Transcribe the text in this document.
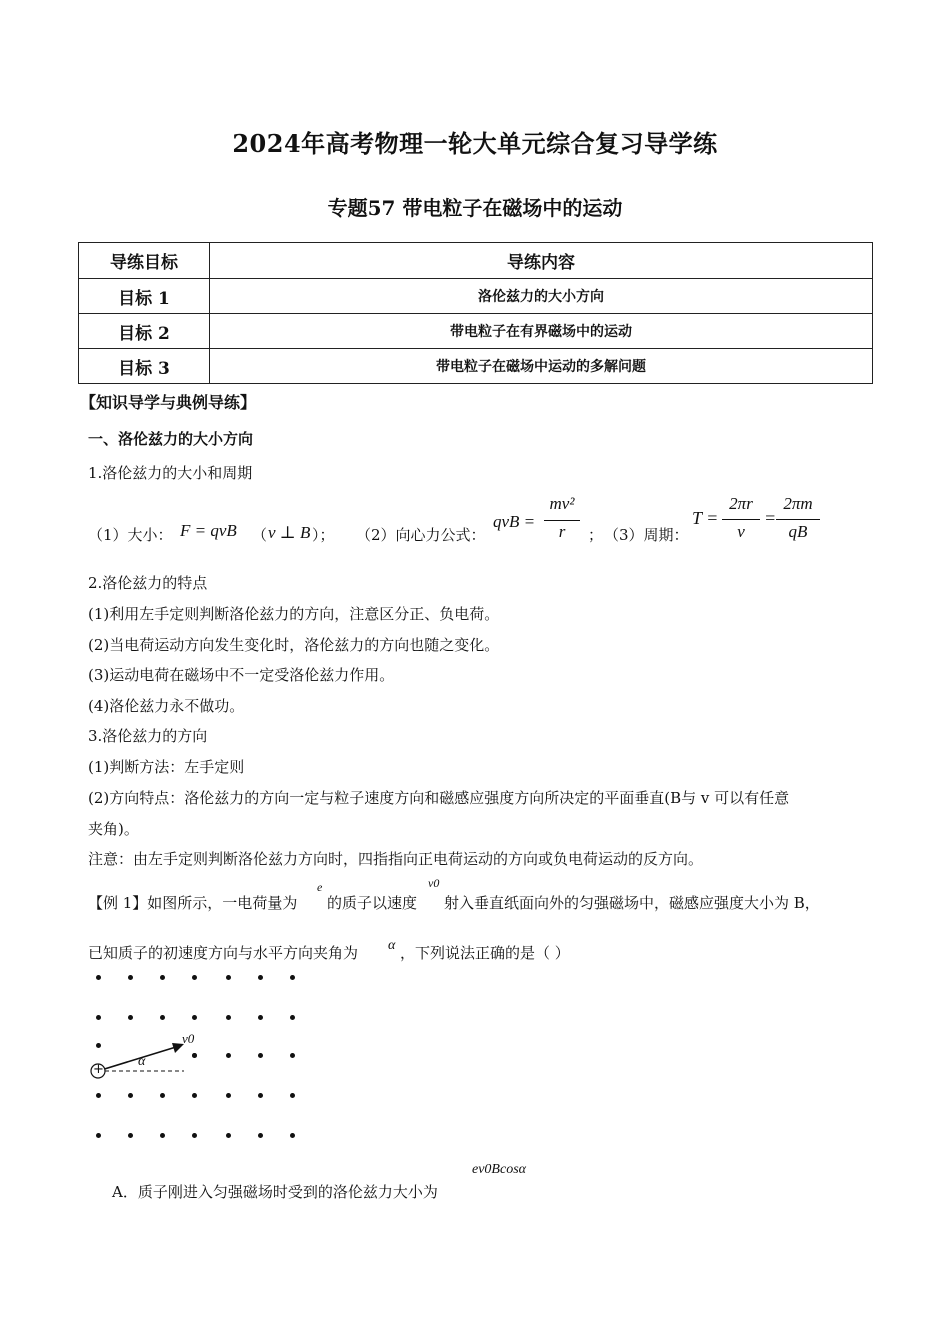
2024年高考物理一轮大单元综合复习导学练
专题57 带电粒子在磁场中的运动
导练目标	导练内容
目标 1	洛伦兹力的大小方向
目标 2	带电粒子在有界磁场中的运动
目标 3	带电粒子在磁场中运动的多解问题
【知识导学与典例导练】
一、洛伦兹力的大小方向
1.洛伦兹力的大小和周期
（1）大小： F = qvB （ v ⊥ B ）； （2）向心力公式：
qvB =
mv²
r	； （3）周期：
T =
2πr
v
=
2πm
qB
2.洛伦兹力的特点
(1)利用左手定则判断洛伦兹力的方向，注意区分正、负电荷。
(2)当电荷运动方向发生变化时，洛伦兹力的方向也随之变化。
(3)运动电荷在磁场中不一定受洛伦兹力作用。
(4)洛伦兹力永不做功。
3.洛伦兹力的方向
(1)判断方法：左手定则
(2)方向特点：洛伦兹力的方向一定与粒子速度方向和磁感应强度方向所决定的平面垂直(B与 v 可以有任意
夹角)。
注意：由左手定则判断洛伦兹力方向时，四指指向正电荷运动的方向或负电荷运动的反方向。
【例 1】如图所示，一电荷量为
e
的质子以速度
v0
射入垂直纸面向外的匀强磁场中，磁感应强度大小为 B，
已知质子的初速度方向与水平方向夹角为 α ，下列说法正确的是（ ）
+
v0
α
A．质子刚进入匀强磁场时受到的洛伦兹力大小为
ev0Bcosα
